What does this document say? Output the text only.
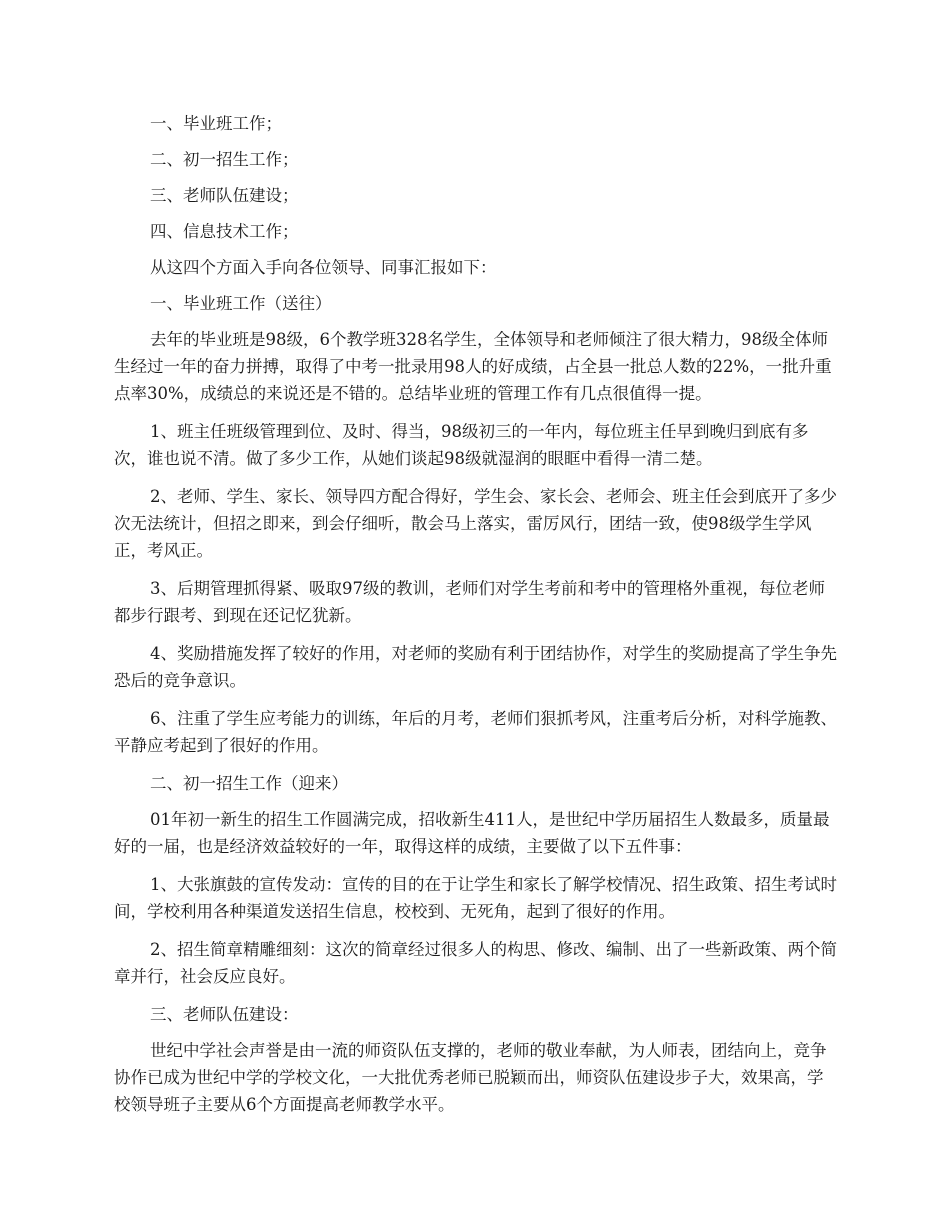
一、毕业班工作；

二、初一招生工作；

三、老师队伍建设；

四、信息技术工作；

从这四个方面入手向各位领导、同事汇报如下：

一、毕业班工作（送往）

去年的毕业班是98级，6个教学班328名学生，全体领导和老师倾注了很大精力，98级全体师生经过一年的奋力拼搏，取得了中考一批录用98人的好成绩，占全县一批总人数的22%，一批升重点率30%，成绩总的来说还是不错的。总结毕业班的管理工作有几点很值得一提。

1、班主任班级管理到位、及时、得当，98级初三的一年内，每位班主任早到晚归到底有多次，谁也说不清。做了多少工作，从她们谈起98级就湿润的眼眶中看得一清二楚。

2、老师、学生、家长、领导四方配合得好，学生会、家长会、老师会、班主任会到底开了多少次无法统计，但招之即来，到会仔细听，散会马上落实，雷厉风行，团结一致，使98级学生学风正，考风正。

3、后期管理抓得紧、吸取97级的教训，老师们对学生考前和考中的管理格外重视，每位老师都步行跟考、到现在还记忆犹新。

4、奖励措施发挥了较好的作用，对老师的奖励有利于团结协作，对学生的奖励提高了学生争先恐后的竞争意识。

6、注重了学生应考能力的训练，年后的月考，老师们狠抓考风，注重考后分析，对科学施教、平静应考起到了很好的作用。

二、初一招生工作（迎来）

01年初一新生的招生工作圆满完成，招收新生411人，是世纪中学历届招生人数最多，质量最好的一届，也是经济效益较好的一年，取得这样的成绩，主要做了以下五件事：

1、大张旗鼓的宣传发动：宣传的目的在于让学生和家长了解学校情况、招生政策、招生考试时间，学校利用各种渠道发送招生信息，校校到、无死角，起到了很好的作用。

2、招生简章精雕细刻：这次的简章经过很多人的构思、修改、编制、出了一些新政策、两个简章并行，社会反应良好。

三、老师队伍建设：

世纪中学社会声誉是由一流的师资队伍支撑的，老师的敬业奉献，为人师表，团结向上，竞争协作已成为世纪中学的学校文化，一大批优秀老师已脱颖而出，师资队伍建设步子大，效果高，学校领导班子主要从6个方面提高老师教学水平。
